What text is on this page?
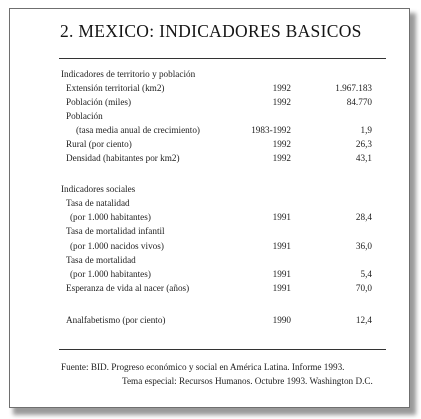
2. MEXICO: INDICADORES BASICOS
Indicadores de territorio y población
Extensión territorial (km2)	1992	1.967.183
Población (miles)	1992	84.770
Población
(tasa media anual de crecimiento)	1983-1992	1,9
Rural (por ciento)	1992	26,3
Densidad (habitantes por km2)	1992	43,1
Indicadores sociales
Tasa de natalidad
(por 1.000 habitantes)	1991	28,4
Tasa de mortalidad infantil
(por 1.000 nacidos vivos)	1991	36,0
Tasa de mortalidad
(por 1.000 habitantes)	1991	5,4
Esperanza de vida al nacer (años)	1991	70,0
Analfabetismo (por ciento)	1990	12,4
Fuente: BID. Progreso económico y social en América Latina. Informe 1993.
Tema especial: Recursos Humanos. Octubre 1993. Washington D.C.
